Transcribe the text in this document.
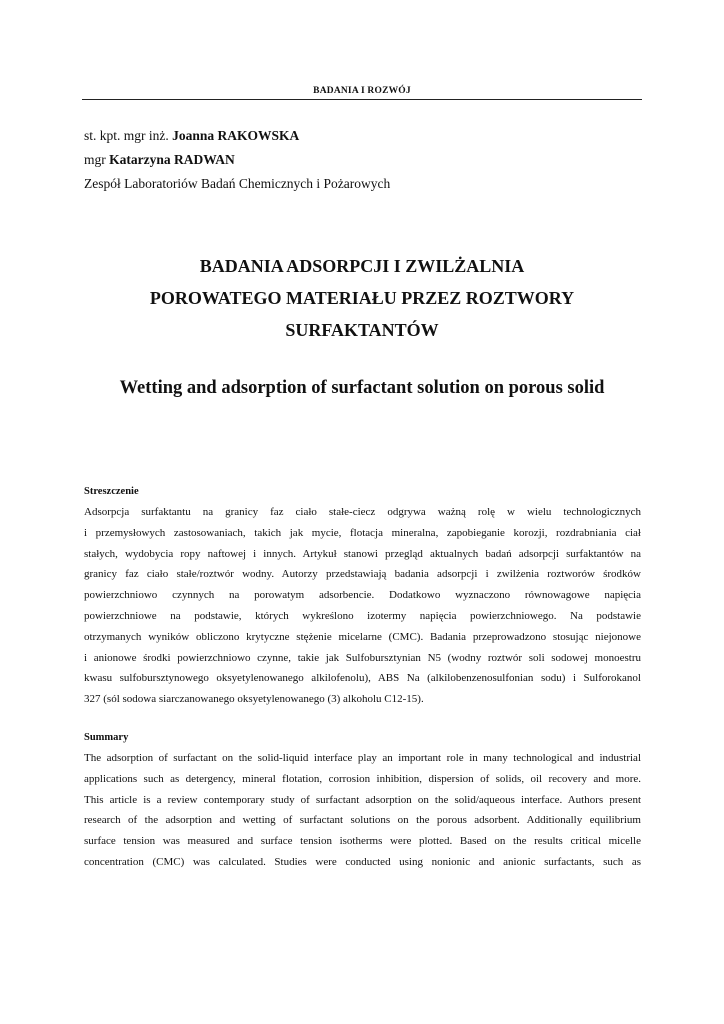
BADANIA I ROZWÓJ
st. kpt. mgr inż. Joanna RAKOWSKA
mgr Katarzyna RADWAN
Zespół Laboratoriów Badań Chemicznych i Pożarowych
BADANIA ADSORPCJI I ZWILŻALNIA
POROWATEGO MATERIAŁU PRZEZ ROZTWORY
SURFAKTANTÓW
Wetting and adsorption of surfactant solution on porous solid
Streszczenie
Adsorpcja surfaktantu na granicy faz ciało stałe-ciecz odgrywa ważną rolę w wielu technologicznych
i przemysłowych zastosowaniach, takich jak mycie, flotacja mineralna, zapobieganie korozji, rozdrabniania ciał
stałych, wydobycia ropy naftowej i innych. Artykuł stanowi przegląd aktualnych badań adsorpcji surfaktantów na
granicy faz ciało stałe/roztwór wodny. Autorzy przedstawiają badania adsorpcji i zwilżenia roztworów środków
powierzchniowo czynnych na porowatym adsorbencie. Dodatkowo wyznaczono równowagowe napięcia
powierzchniowe na podstawie, których wykreślono izotermy napięcia powierzchniowego. Na podstawie
otrzymanych wyników obliczono krytyczne stężenie micelarne (CMC). Badania przeprowadzono stosując niejonowe
i anionowe środki powierzchniowo czynne, takie jak Sulfobursztynian N5 (wodny roztwór soli sodowej monoestru
kwasu sulfobursztynowego oksyetylenowanego alkilofenolu), ABS Na (alkilobenzenosulfonian sodu) i Sulforokanol
327 (sól sodowa siarczanowanego oksyetylenowanego (3) alkoholu C12-15).
Summary
The adsorption of surfactant on the solid-liquid interface play an important role in many technological and industrial
applications such as detergency, mineral flotation, corrosion inhibition, dispersion of solids, oil recovery and more.
This article is a review contemporary study of surfactant adsorption on the solid/aqueous interface. Authors present
research of the adsorption and wetting of surfactant solutions on the porous adsorbent. Additionally equilibrium
surface tension was measured and surface tension isotherms were plotted. Based on the results critical micelle
concentration (CMC) was calculated. Studies were conducted using nonionic and anionic surfactants, such as
